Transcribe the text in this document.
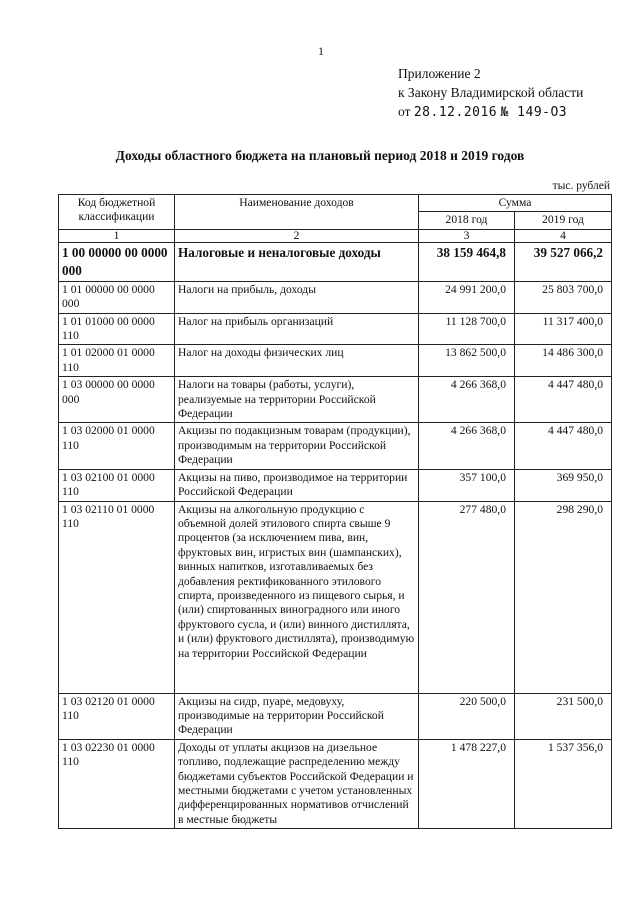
1
Приложение 2
к Закону Владимирской области
от 28.12.2016 № 149-ОЗ
Доходы областного бюджета на плановый период 2018 и 2019 годов
тыс. рублей
Код бюджетной классификации	Наименование доходов	Сумма	
		2018 год	2019 год
1	2	3	4
1 00 00000 00 0000 000	Налоговые и неналоговые доходы	38 159 464,8	39 527 066,2
1 01 00000 00 0000 000	Налоги на прибыль, доходы	24 991 200,0	25 803 700,0
1 01 01000 00 0000 110	Налог на прибыль организаций	11 128 700,0	11 317 400,0
1 01 02000 01 0000 110	Налог на доходы физических лиц	13 862 500,0	14 486 300,0
1 03 00000 00 0000 000	Налоги на товары (работы, услуги), реализуемые на территории Российской Федерации	4 266 368,0	4 447 480,0
1 03 02000 01 0000 110	Акцизы по подакцизным товарам (продукции), производимым на территории Российской Федерации	4 266 368,0	4 447 480,0
1 03 02100 01 0000 110	Акцизы на пиво, производимое на территории Российской Федерации	357 100,0	369 950,0
1 03 02110 01 0000 110	Акцизы на алкогольную продукцию с объемной долей этилового спирта свыше 9 процентов (за исключением пива, вин, фруктовых вин, игристых вин (шампанских), винных напитков, изготавливаемых без добавления ректификованного этилового спирта, произведенного из пищевого сырья, и (или) спиртованных виноградного или иного фруктового сусла, и (или) винного дистиллята, и (или) фруктового дистиллята), производимую на территории Российской Федерации	277 480,0	298 290,0
1 03 02120 01 0000 110	Акцизы на сидр, пуаре, медовуху, производимые на территории Российской Федерации	220 500,0	231 500,0
1 03 02230 01 0000 110	Доходы от уплаты акцизов на дизельное топливо, подлежащие распределению между бюджетами субъектов Российской Федерации и местными бюджетами с учетом установленных дифференцированных нормативов отчислений в местные бюджеты	1 478 227,0	1 537 356,0
